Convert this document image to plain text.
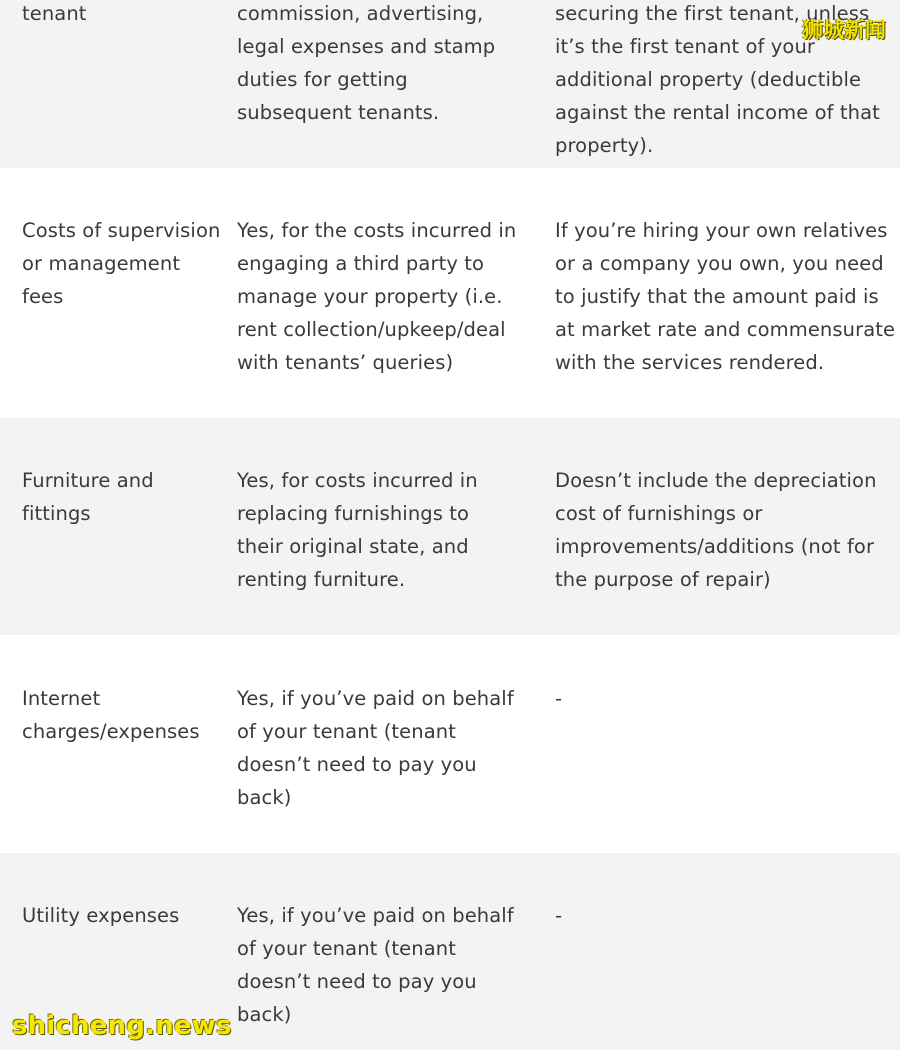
tenant	commission, advertising, legal expenses and stamp duties for getting subsequent tenants.
securing the first tenant, unless it’s the first tenant of your additional property (deductible against the rental income of that property).
Costs of supervision or management fees
Yes, for the costs incurred in engaging a third party to manage your property (i.e. rent collection/upkeep/deal with tenants’ queries)
If you’re hiring your own relatives or a company you own, you need to justify that the amount paid is at market rate and commensurate with the services rendered.
Furniture and fittings
Yes, for costs incurred in replacing furnishings to their original state, and renting furniture.
Doesn’t include the depreciation cost of furnishings or improvements/additions (not for the purpose of repair)
Internet charges/expenses
Yes, if you’ve paid on behalf of your tenant (tenant doesn’t need to pay you back)
-
Utility expenses	Yes, if you’ve paid on behalf of your tenant (tenant doesn’t need to pay you back)
-
狮城新闻
shicheng.news
